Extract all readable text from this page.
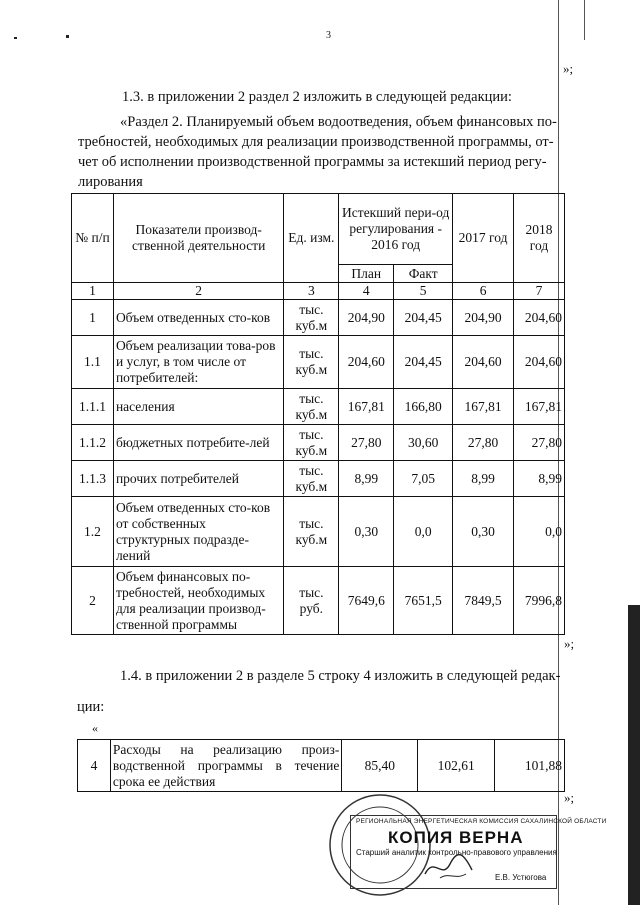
3
»;
1.3. в приложении 2 раздел 2 изложить в следующей редакции:
«Раздел 2. Планируемый объем водоотведения, объем финансовых по-
требностей, необходимых для реализации производственной программы, от-
чет об исполнении производственной программы за истекший период регу-
лирования
№ п/п	Показатели производ-ственной деятельности	Ед. изм.	Истекший пери-од регулирования - 2016 год		2017 год	2018 год
			План	Факт		
1	2	3	4	5	6	7
1	Объем отведенных сто-ков	тыс. куб.м	204,90	204,45	204,90	204,60
1.1	Объем реализации това-ров и услуг, в том числе от потребителей:	тыс. куб.м	204,60	204,45	204,60	204,60
1.1.1	населения	тыс. куб.м	167,81	166,80	167,81	167,81
1.1.2	бюджетных потребите-лей	тыс. куб.м	27,80	30,60	27,80	27,80
1.1.3	прочих потребителей	тыс. куб.м	8,99	7,05	8,99	8,99
1.2	Объем отведенных сто-ков от собственных структурных подразде-лений	тыс. куб.м	0,30	0,0	0,30	0,0
2	Объем финансовых по-требностей, необходимых для реализации производ-ственной программы	тыс. руб.	7649,6	7651,5	7849,5	7996,8
»;
1.4. в приложении 2 в разделе 5 строку 4 изложить в следующей редак-
ции:
«
4	Расходы на реализацию произ-водственной программы в течение срока ее действия	85,40	102,61	101,88
»;
РЕГИОНАЛЬНАЯ ЭНЕРГЕТИЧЕСКАЯ КОМИССИЯ САХАЛИНСКОЙ ОБЛАСТИ
КОПИЯ ВЕРНА
Старший аналитик контрольно-правового управления
Е.В. Устюгова
